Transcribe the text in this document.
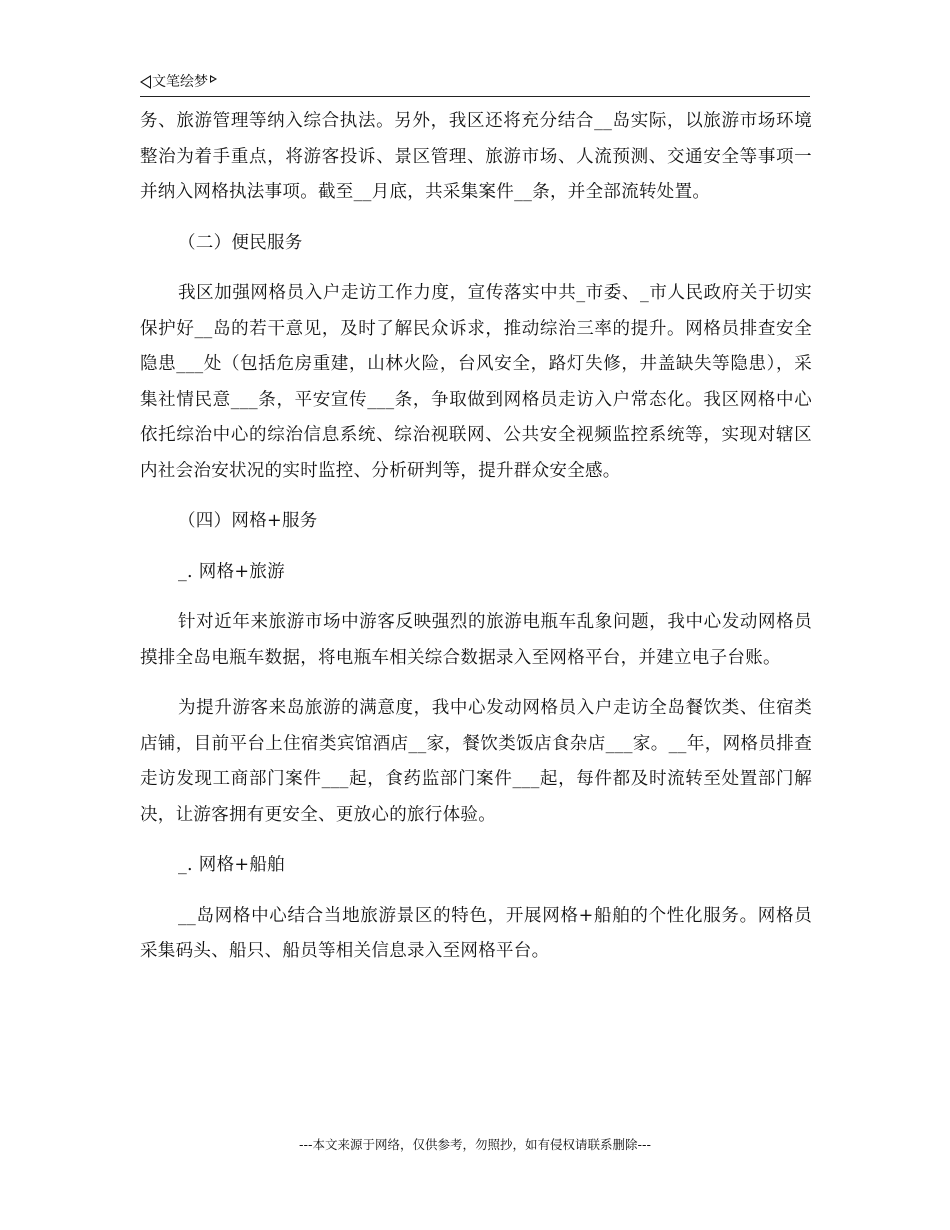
文笔绘梦

务、旅游管理等纳入综合执法。另外，我区还将充分结合__岛实际，以旅游市场环境整治为着手重点，将游客投诉、景区管理、旅游市场、人流预测、交通安全等事项一并纳入网格执法事项。截至__月底，共采集案件__条，并全部流转处置。

（二）便民服务

我区加强网格员入户走访工作力度，宣传落实中共_市委、_市人民政府关于切实保护好__岛的若干意见，及时了解民众诉求，推动综治三率的提升。网格员排查安全隐患___处（包括危房重建，山林火险，台风安全，路灯失修，井盖缺失等隐患），采集社情民意___条，平安宣传___条，争取做到网格员走访入户常态化。我区网格中心依托综治中心的综治信息系统、综治视联网、公共安全视频监控系统等，实现对辖区内社会治安状况的实时监控、分析研判等，提升群众安全感。

（四）网格+服务

_. 网格+旅游

针对近年来旅游市场中游客反映强烈的旅游电瓶车乱象问题，我中心发动网格员摸排全岛电瓶车数据，将电瓶车相关综合数据录入至网格平台，并建立电子台账。

为提升游客来岛旅游的满意度，我中心发动网格员入户走访全岛餐饮类、住宿类店铺，目前平台上住宿类宾馆酒店__家，餐饮类饭店食杂店___家。__年，网格员排查走访发现工商部门案件___起，食药监部门案件___起，每件都及时流转至处置部门解决，让游客拥有更安全、更放心的旅行体验。

_. 网格+船舶

__岛网格中心结合当地旅游景区的特色，开展网格+船舶的个性化服务。网格员采集码头、船只、船员等相关信息录入至网格平台。

---本文来源于网络，仅供参考，勿照抄，如有侵权请联系删除---
